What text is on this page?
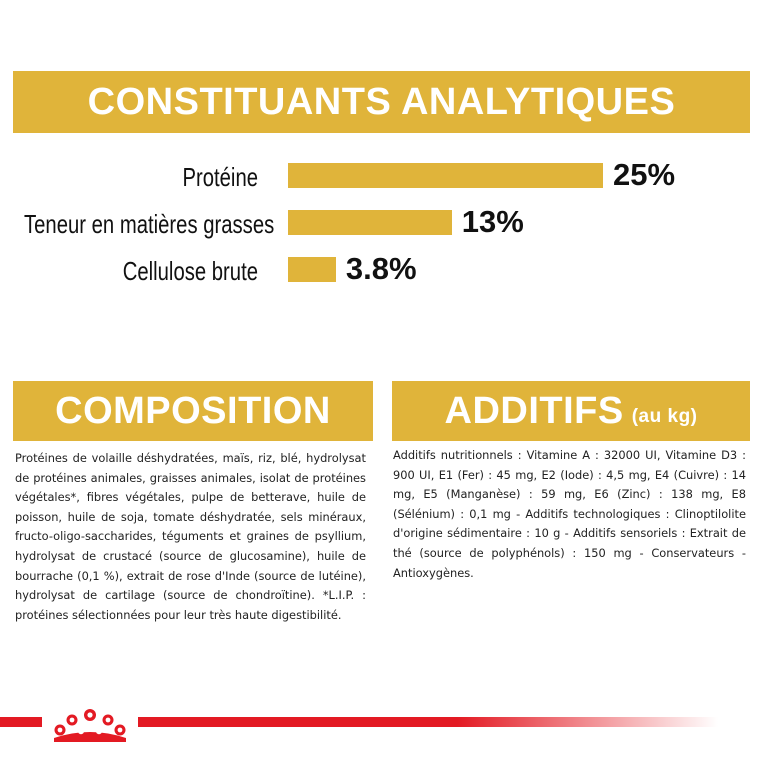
CONSTITUANTS ANALYTIQUES
Protéine	25%
Teneur en matières grasses	13%
Cellulose brute	3.8%
COMPOSITION

Protéines de volaille déshydratées, maïs, riz, blé, hydrolysat de protéines animales, graisses animales, isolat de protéines végétales*, fibres végétales, pulpe de betterave, huile de poisson, huile de soja, tomate déshydratée, sels minéraux, fructo-oligo-saccharides, téguments et graines de psyllium, hydrolysat de crustacé (source de glucosamine), huile de bourrache (0,1 %), extrait de rose d'Inde (source de lutéine), hydrolysat de cartilage (source de chondroïtine). *L.I.P. : protéines sélectionnées pour leur très haute digestibilité.

ADDITIFS (au kg)

Additifs nutritionnels : Vitamine A : 32000 UI, Vitamine D3 : 900 UI, E1 (Fer) : 45 mg, E2 (Iode) : 4,5 mg, E4 (Cuivre) : 14 mg, E5 (Manganèse) : 59 mg, E6 (Zinc) : 138 mg, E8 (Sélénium) : 0,1 mg - Additifs technologiques : Clinoptilolite d'origine sédimentaire : 10 g - Additifs sensoriels : Extrait de thé (source de polyphénols) : 150 mg - Conservateurs - Antioxygènes.
